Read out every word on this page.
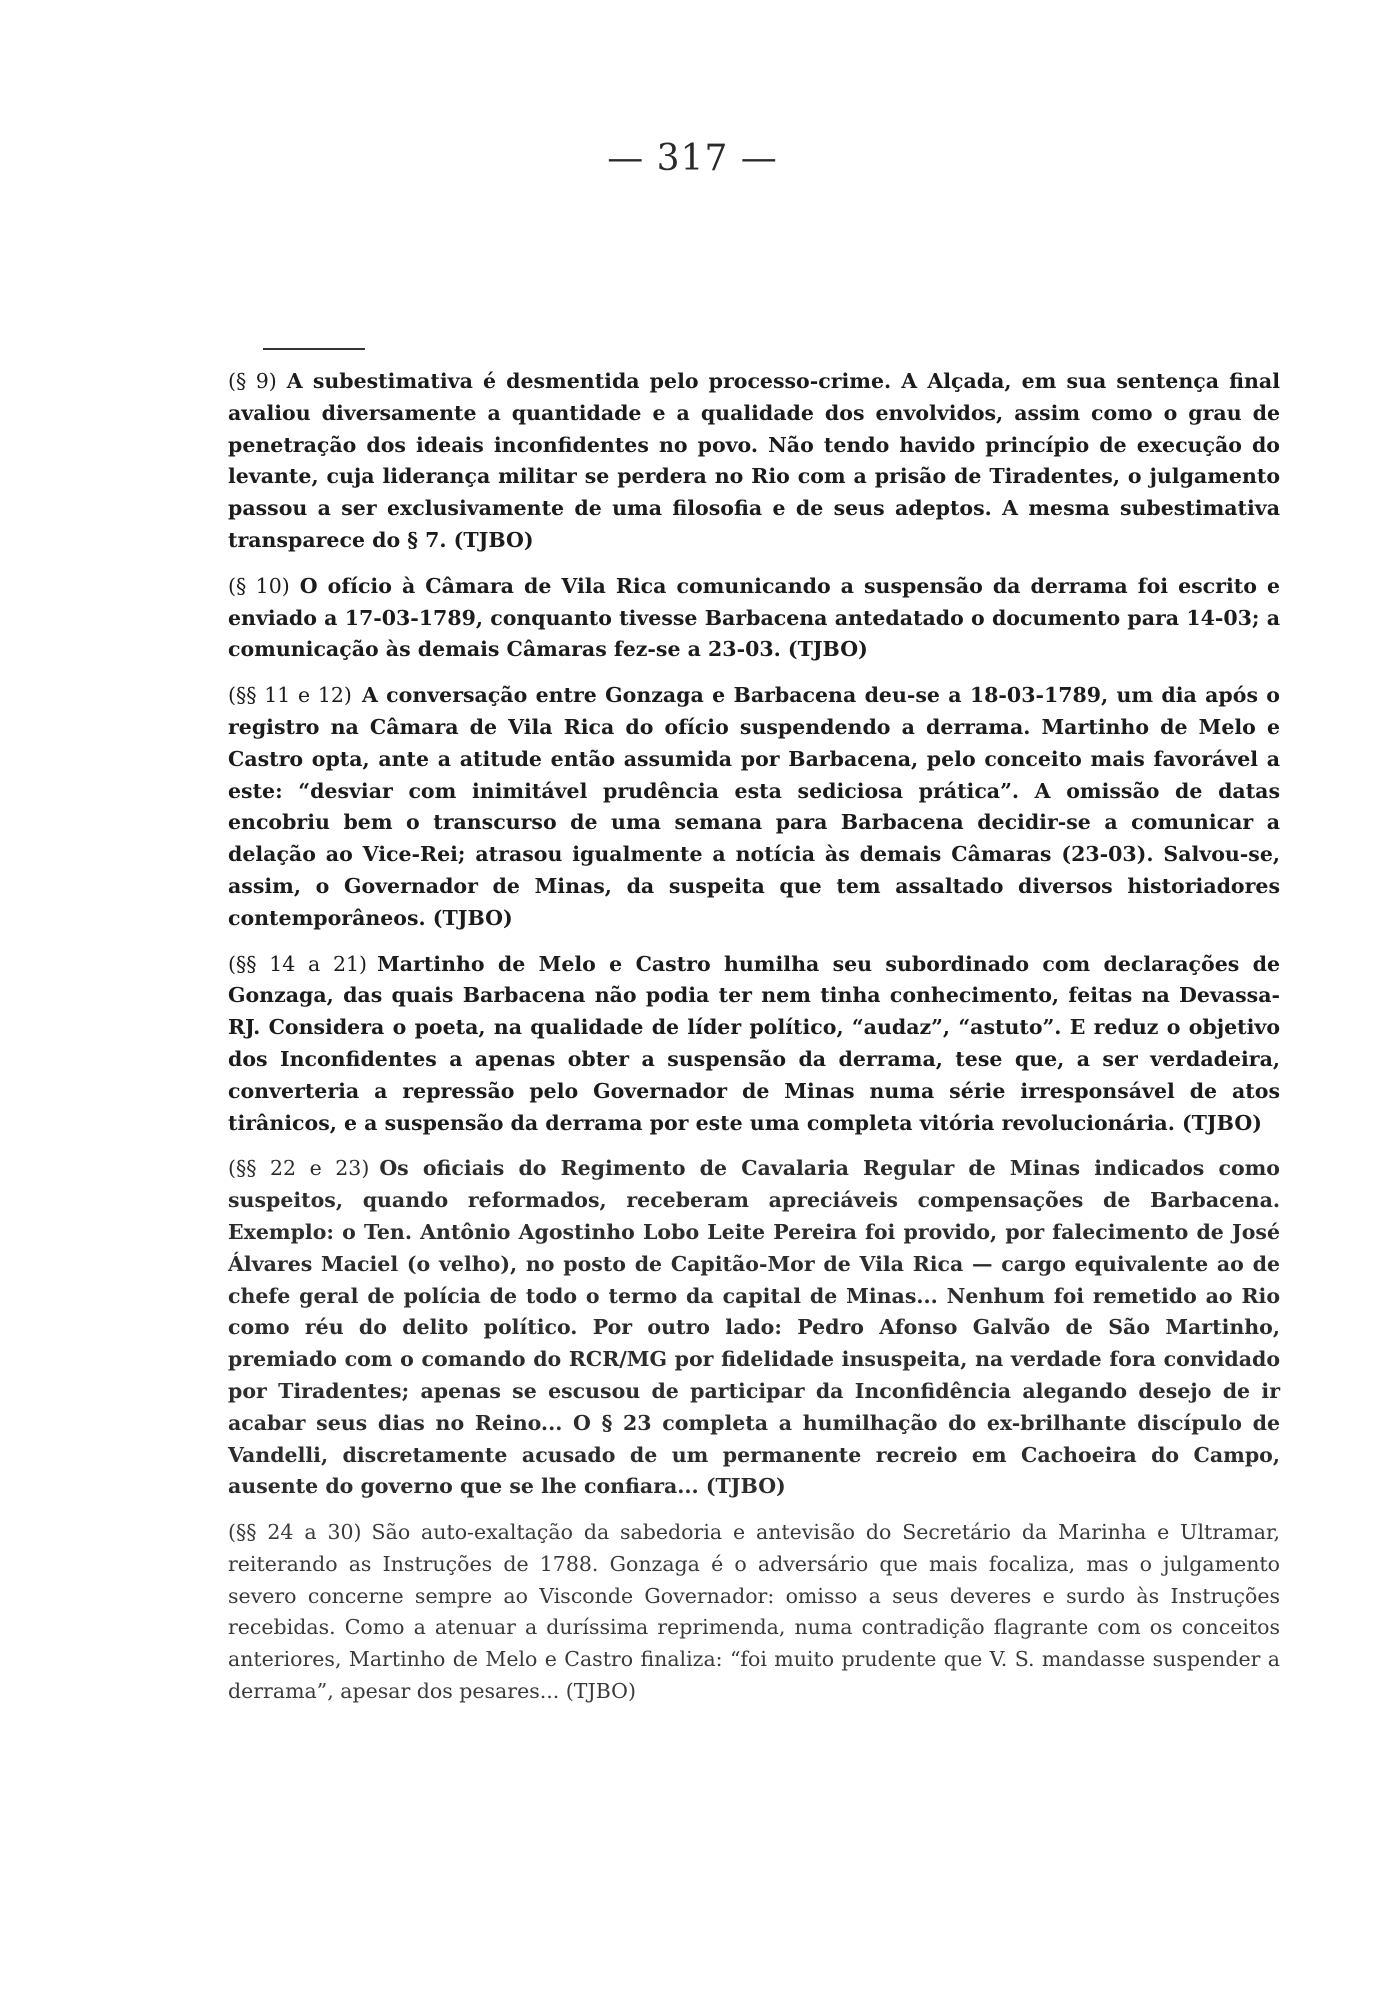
— 317 —

(§ 9) A subestimativa é desmentida pelo processo-crime. A Alçada, em sua sentença final avaliou diversamente a quantidade e a qualidade dos envolvidos, assim como o grau de penetração dos ideais inconfidentes no povo. Não tendo havido princípio de execução do levante, cuja liderança militar se perdera no Rio com a prisão de Tiradentes, o julgamento passou a ser exclusivamente de uma filosofia e de seus adeptos. A mesma subestimativa transparece do § 7. (TJBO)

(§ 10) O ofício à Câmara de Vila Rica comunicando a suspensão da derrama foi escrito e enviado a 17-03-1789, conquanto tivesse Barbacena antedatado o documento para 14-03; a comunicação às demais Câmaras fez-se a 23-03. (TJBO)

(§§ 11 e 12) A conversação entre Gonzaga e Barbacena deu-se a 18-03-1789, um dia após o registro na Câmara de Vila Rica do ofício suspendendo a derrama. Martinho de Melo e Castro opta, ante a atitude então assumida por Barbacena, pelo conceito mais favorável a este: “desviar com inimitável prudência esta sediciosa prática”. A omissão de datas encobriu bem o transcurso de uma semana para Barbacena decidir-se a comunicar a delação ao Vice-Rei; atrasou igualmente a notícia às demais Câmaras (23-03). Salvou-se, assim, o Governador de Minas, da suspeita que tem assaltado diversos historiadores contemporâneos. (TJBO)

(§§ 14 a 21) Martinho de Melo e Castro humilha seu subordinado com declarações de Gonzaga, das quais Barbacena não podia ter nem tinha conhecimento, feitas na Devassa-RJ. Considera o poeta, na qualidade de líder político, “audaz”, “astuto”. E reduz o objetivo dos Inconfidentes a apenas obter a suspensão da derrama, tese que, a ser verdadeira, converteria a repressão pelo Governador de Minas numa série irresponsável de atos tirânicos, e a suspensão da derrama por este uma completa vitória revolucionária. (TJBO)

(§§ 22 e 23) Os oficiais do Regimento de Cavalaria Regular de Minas indicados como suspeitos, quando reformados, receberam apreciáveis compensações de Barbacena. Exemplo: o Ten. Antônio Agostinho Lobo Leite Pereira foi provido, por falecimento de José Álvares Maciel (o velho), no posto de Capitão-Mor de Vila Rica — cargo equivalente ao de chefe geral de polícia de todo o termo da capital de Minas... Nenhum foi remetido ao Rio como réu do delito político. Por outro lado: Pedro Afonso Galvão de São Martinho, premiado com o comando do RCR/MG por fidelidade insuspeita, na verdade fora convidado por Tiradentes; apenas se escusou de participar da Inconfidência alegando desejo de ir acabar seus dias no Reino... O § 23 completa a humilhação do ex-brilhante discípulo de Vandelli, discretamente acusado de um permanente recreio em Cachoeira do Campo, ausente do governo que se lhe confiara... (TJBO)

(§§ 24 a 30) São auto-exaltação da sabedoria e antevisão do Secretário da Marinha e Ultramar, reiterando as Instruções de 1788. Gonzaga é o adversário que mais focaliza, mas o julgamento severo concerne sempre ao Visconde Governador: omisso a seus deveres e surdo às Instruções recebidas. Como a atenuar a duríssima reprimenda, numa contradição flagrante com os conceitos anteriores, Martinho de Melo e Castro finaliza: “foi muito prudente que V. S. mandasse suspender a derrama”, apesar dos pesares... (TJBO)
